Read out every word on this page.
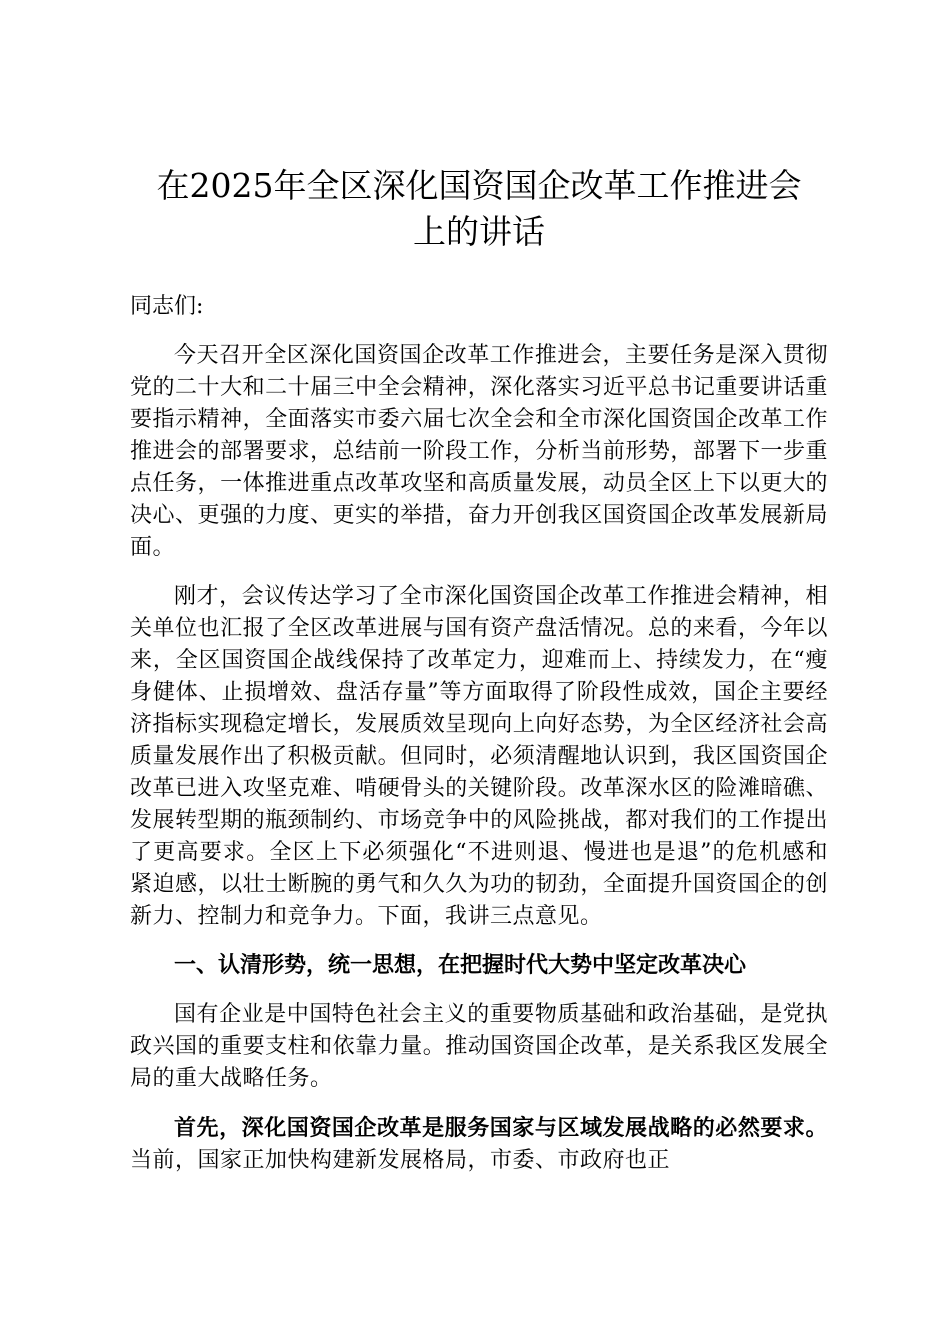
在2025年全区深化国资国企改革工作推进会
上的讲话

同志们:

今天召开全区深化国资国企改革工作推进会，主要任务是深入贯彻党的二十大和二十届三中全会精神，深化落实习近平总书记重要讲话重要指示精神，全面落实市委六届七次全会和全市深化国资国企改革工作推进会的部署要求，总结前一阶段工作，分析当前形势，部署下一步重点任务，一体推进重点改革攻坚和高质量发展，动员全区上下以更大的决心、更强的力度、更实的举措，奋力开创我区国资国企改革发展新局面。

刚才，会议传达学习了全市深化国资国企改革工作推进会精神，相关单位也汇报了全区改革进展与国有资产盘活情况。总的来看，今年以来，全区国资国企战线保持了改革定力，迎难而上、持续发力，在“瘦身健体、止损增效、盘活存量”等方面取得了阶段性成效，国企主要经济指标实现稳定增长，发展质效呈现向上向好态势，为全区经济社会高质量发展作出了积极贡献。但同时，必须清醒地认识到，我区国资国企改革已进入攻坚克难、啃硬骨头的关键阶段。改革深水区的险滩暗礁、发展转型期的瓶颈制约、市场竞争中的风险挑战，都对我们的工作提出了更高要求。全区上下必须强化“不进则退、慢进也是退”的危机感和紧迫感，以壮士断腕的勇气和久久为功的韧劲，全面提升国资国企的创新力、控制力和竞争力。下面，我讲三点意见。

一、认清形势，统一思想，在把握时代大势中坚定改革决心

国有企业是中国特色社会主义的重要物质基础和政治基础，是党执政兴国的重要支柱和依靠力量。推动国资国企改革，是关系我区发展全局的重大战略任务。

首先，深化国资国企改革是服务国家与区域发展战略的必然要求。当前，国家正加快构建新发展格局，市委、市政府也正
